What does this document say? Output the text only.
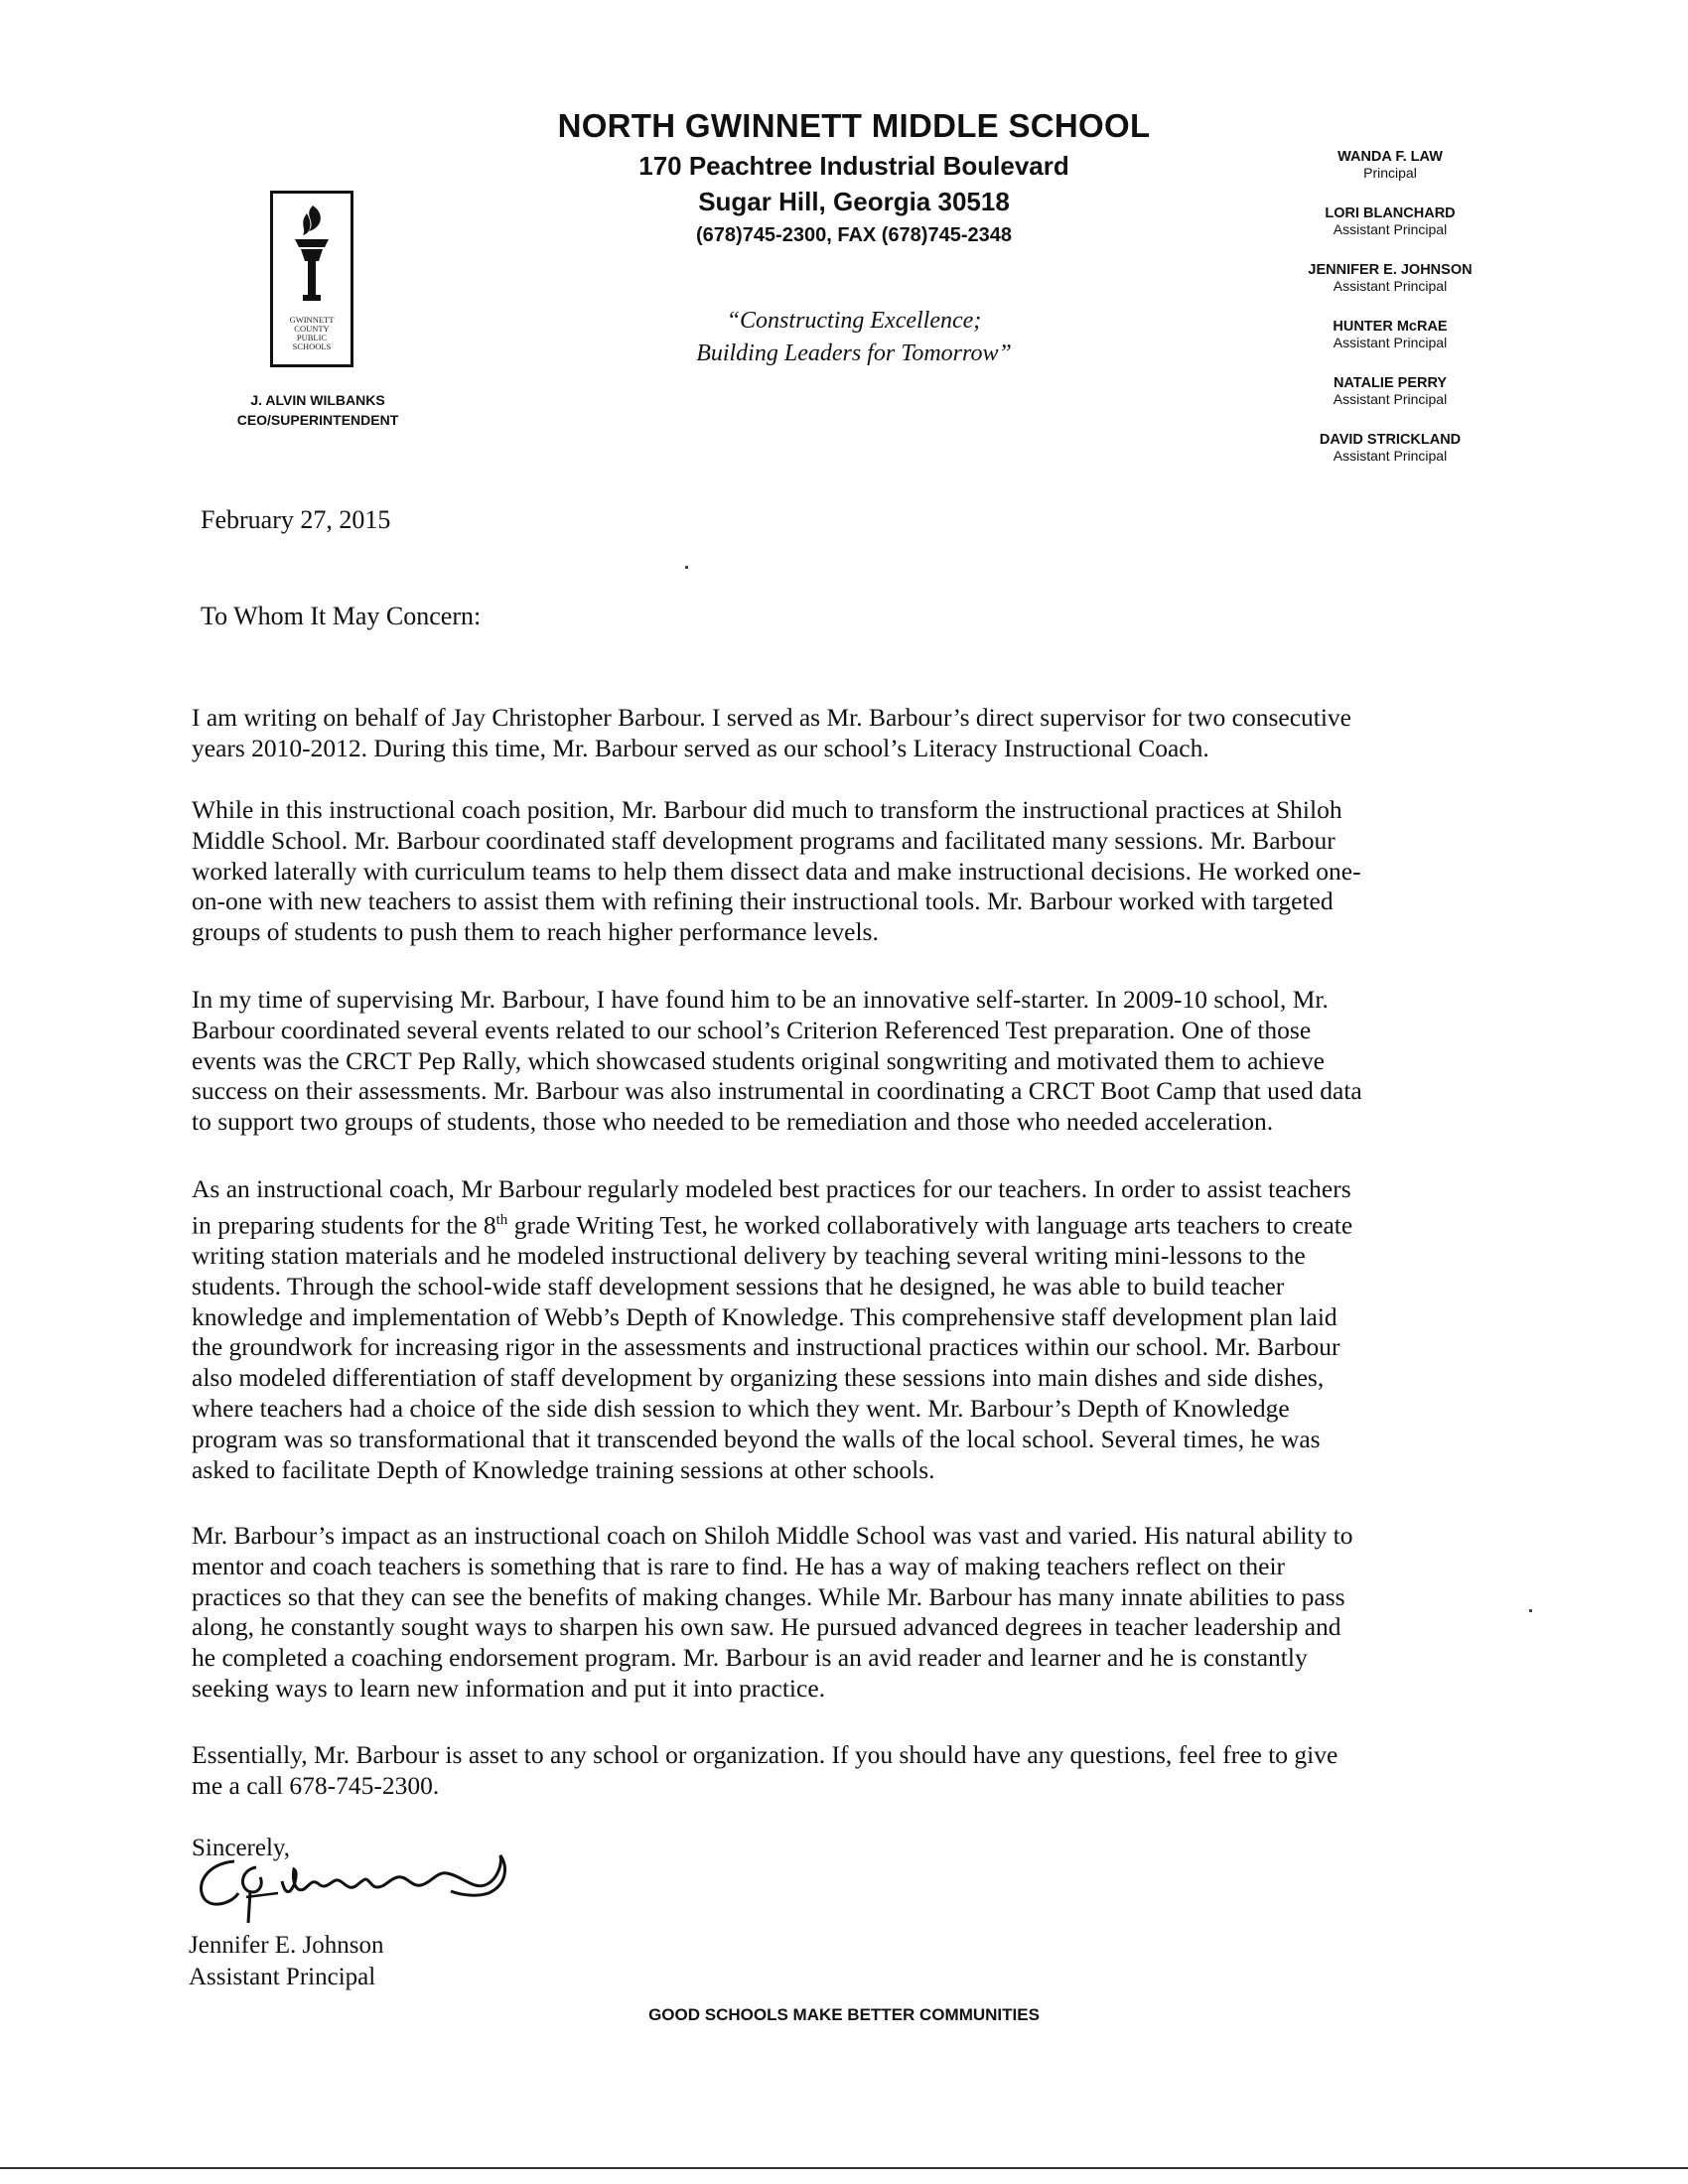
NORTH GWINNETT MIDDLE SCHOOL
170 Peachtree Industrial Boulevard
Sugar Hill, Georgia 30518
(678)745-2300, FAX (678)745-2348
“Constructing Excellence;
Building Leaders for Tomorrow”
GWINNETT
COUNTY
PUBLIC
SCHOOLS
J. ALVIN WILBANKS
CEO/SUPERINTENDENT
WANDA F. LAW
Principal
LORI BLANCHARD
Assistant Principal
JENNIFER E. JOHNSON
Assistant Principal
HUNTER McRAE
Assistant Principal
NATALIE PERRY
Assistant Principal
DAVID STRICKLAND
Assistant Principal
February 27, 2015
To Whom It May Concern:

I am writing on behalf of Jay Christopher Barbour. I served as Mr. Barbour’s direct supervisor for two consecutive

years 2010-2012. During this time, Mr. Barbour served as our school’s Literacy Instructional Coach.

While in this instructional coach position, Mr. Barbour did much to transform the instructional practices at Shiloh

Middle School. Mr. Barbour coordinated staff development programs and facilitated many sessions. Mr. Barbour

worked laterally with curriculum teams to help them dissect data and make instructional decisions. He worked one-

on-one with new teachers to assist them with refining their instructional tools. Mr. Barbour worked with targeted

groups of students to push them to reach higher performance levels.

In my time of supervising Mr. Barbour, I have found him to be an innovative self-starter. In 2009-10 school, Mr.

Barbour coordinated several events related to our school’s Criterion Referenced Test preparation. One of those

events was the CRCT Pep Rally, which showcased students original songwriting and motivated them to achieve

success on their assessments. Mr. Barbour was also instrumental in coordinating a CRCT Boot Camp that used data

to support two groups of students, those who needed to be remediation and those who needed acceleration.

As an instructional coach, Mr Barbour regularly modeled best practices for our teachers. In order to assist teachers

in preparing students for the 8th grade Writing Test, he worked collaboratively with language arts teachers to create

writing station materials and he modeled instructional delivery by teaching several writing mini-lessons to the

students. Through the school-wide staff development sessions that he designed, he was able to build teacher

knowledge and implementation of Webb’s Depth of Knowledge. This comprehensive staff development plan laid

the groundwork for increasing rigor in the assessments and instructional practices within our school. Mr. Barbour

also modeled differentiation of staff development by organizing these sessions into main dishes and side dishes,

where teachers had a choice of the side dish session to which they went. Mr. Barbour’s Depth of Knowledge

program was so transformational that it transcended beyond the walls of the local school. Several times, he was

asked to facilitate Depth of Knowledge training sessions at other schools.

Mr. Barbour’s impact as an instructional coach on Shiloh Middle School was vast and varied. His natural ability to

mentor and coach teachers is something that is rare to find. He has a way of making teachers reflect on their

practices so that they can see the benefits of making changes. While Mr. Barbour has many innate abilities to pass

along, he constantly sought ways to sharpen his own saw. He pursued advanced degrees in teacher leadership and

he completed a coaching endorsement program. Mr. Barbour is an avid reader and learner and he is constantly

seeking ways to learn new information and put it into practice.

Essentially, Mr. Barbour is asset to any school or organization. If you should have any questions, feel free to give

me a call 678-745-2300.

Sincerely,
Jennifer E. Johnson
Assistant Principal
GOOD SCHOOLS MAKE BETTER COMMUNITIES
